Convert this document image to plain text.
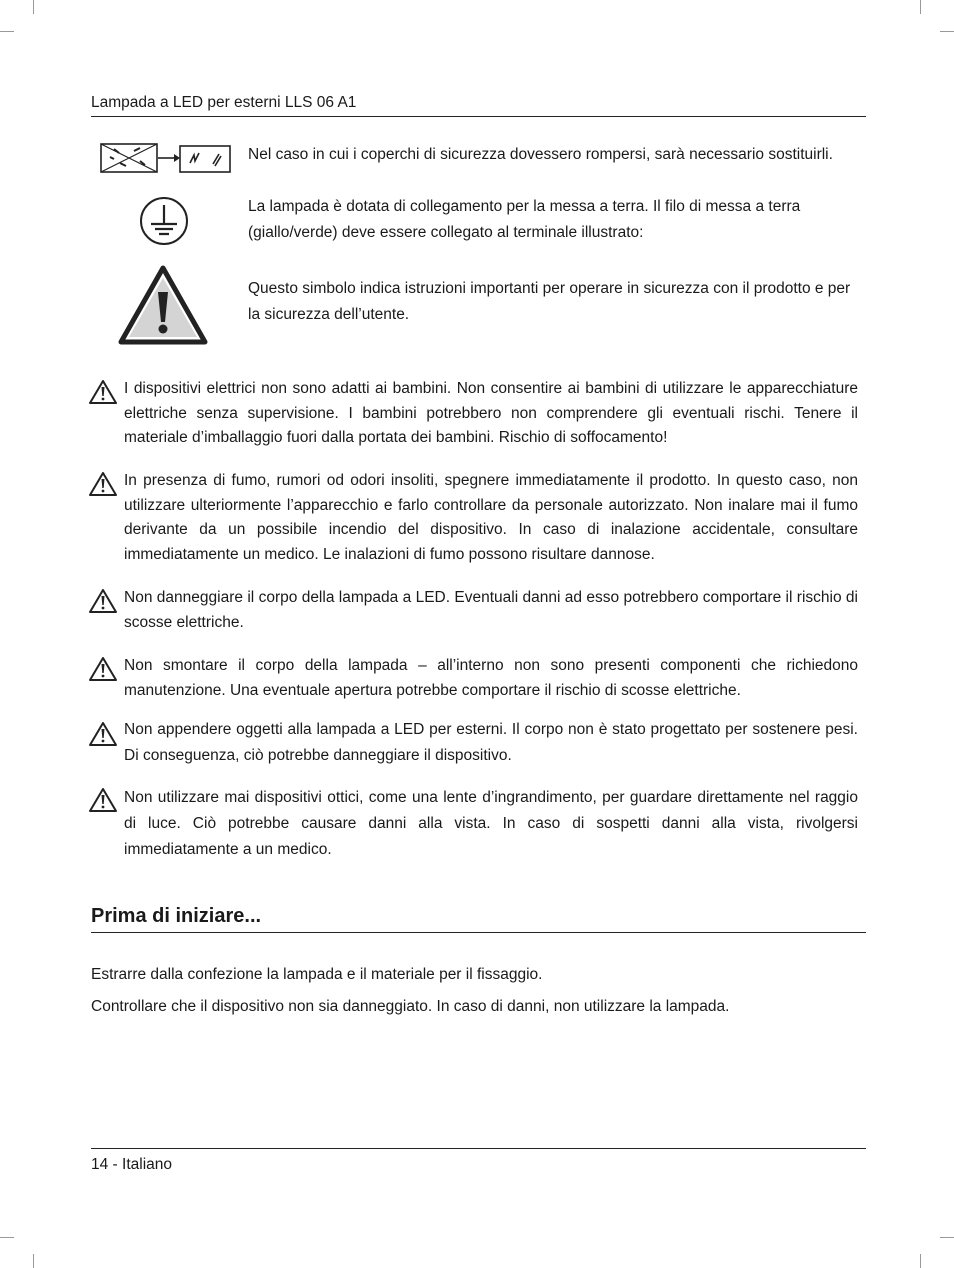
Lampada a LED per esterni LLS 06 A1
Nel caso in cui i coperchi di sicurezza dovessero rompersi, sarà necessario sostituirli.
La lampada è dotata di collegamento per la messa a terra. Il filo di messa a terra (giallo/verde) deve essere collegato al terminale illustrato:
Questo simbolo indica istruzioni importanti per operare in sicurezza con il prodotto e per la sicurezza dell’utente.
I dispositivi elettrici non sono adatti ai bambini. Non consentire ai bambini di utilizzare le apparecchiature elettriche senza supervisione. I bambini potrebbero non comprendere gli eventuali rischi. Tenere il materiale d’imballaggio fuori dalla portata dei bambini. Rischio di soffocamento!
In presenza di fumo, rumori od odori insoliti, spegnere immediatamente il prodotto. In questo caso, non utilizzare ulteriormente l’apparecchio e farlo controllare da personale autorizzato. Non inalare mai il fumo derivante da un possibile incendio del dispositivo. In caso di inalazione accidentale, consultare immediatamente un medico. Le inalazioni di fumo possono risultare dannose.
Non danneggiare il corpo della lampada a LED. Eventuali danni ad esso potrebbero comportare il rischio di scosse elettriche.
Non smontare il corpo della lampada – all’interno non sono presenti componenti che richiedono manutenzione. Una eventuale apertura potrebbe comportare il rischio di scosse elettriche.
Non appendere oggetti alla lampada a LED per esterni. Il corpo non è stato progettato per sostenere pesi. Di conseguenza, ciò potrebbe danneggiare il dispositivo.
Non utilizzare mai dispositivi ottici, come una lente d’ingrandimento, per guardare direttamente nel raggio di luce. Ciò potrebbe causare danni alla vista. In caso di sospetti danni alla vista, rivolgersi immediatamente a un medico.
Prima di iniziare...
Estrarre dalla confezione la lampada e il materiale per il fissaggio.
Controllare che il dispositivo non sia danneggiato. In caso di danni, non utilizzare la lampada.
14 - Italiano
